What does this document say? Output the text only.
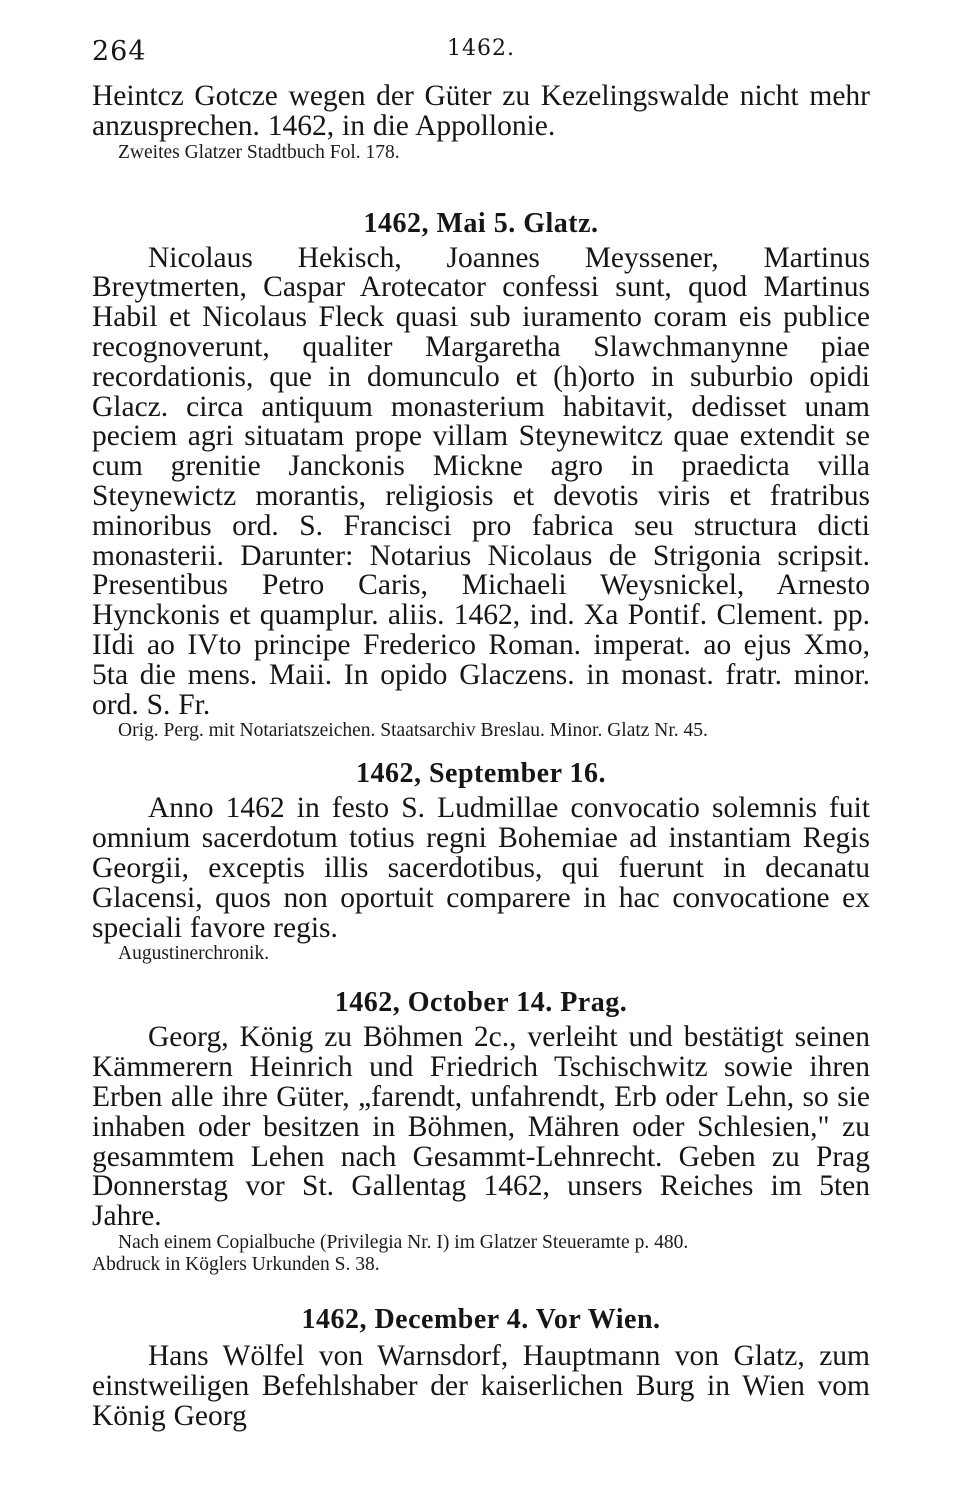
264	1462.

Heintcz Gotcze wegen der Güter zu Kezelingswalde nicht mehr anzusprechen. 1462, in die Appollonie.

Zweites Glatzer Stadtbuch Fol. 178.

1462, Mai 5. Glatz.

Nicolaus Hekisch, Joannes Meyssener, Martinus Breytmerten, Caspar Arotecator confessi sunt, quod Martinus Habil et Nicolaus Fleck quasi sub iuramento coram eis publice recognoverunt, qualiter Margaretha Slawchmanynne piae recordationis, que in domunculo et (h)orto in suburbio opidi Glacz. circa antiquum monasterium habitavit, dedisset unam peciem agri situatam prope villam Steynewitcz quae extendit se cum grenitie Janckonis Mickne agro in praedicta villa Steynewictz morantis, religiosis et devotis viris et fratribus minoribus ord. S. Francisci pro fabrica seu structura dicti monasterii. Darunter: Notarius Nicolaus de Strigonia scripsit. Presentibus Petro Caris, Michaeli Weysnickel, Arnesto Hynckonis et quamplur. aliis. 1462, ind. Xa Pontif. Clement. pp. IIdi ao IVto principe Frederico Roman. imperat. ao ejus Xmo, 5ta die mens. Maii. In opido Glaczens. in monast. fratr. minor. ord. S. Fr.

Orig. Perg. mit Notariatszeichen. Staatsarchiv Breslau. Minor. Glatz Nr. 45.

1462, September 16.

Anno 1462 in festo S. Ludmillae convocatio solemnis fuit omnium sacerdotum totius regni Bohemiae ad instantiam Regis Georgii, exceptis illis sacerdotibus, qui fuerunt in decanatu Glacensi, quos non oportuit comparere in hac convocatione ex speciali favore regis.

Augustinerchronik.

1462, October 14. Prag.

Georg, König zu Böhmen 2c., verleiht und bestätigt seinen Kämmerern Heinrich und Friedrich Tschischwitz sowie ihren Erben alle ihre Güter, „farendt, unfahrendt, Erb oder Lehn, so sie inhaben oder besitzen in Böhmen, Mähren oder Schlesien," zu gesammtem Lehen nach Gesammt-Lehnrecht. Geben zu Prag Donnerstag vor St. Gallentag 1462, unsers Reiches im 5ten Jahre.

Nach einem Copialbuche (Privilegia Nr. I) im Glatzer Steueramte p. 480.

Abdruck in Köglers Urkunden S. 38.

1462, December 4. Vor Wien.

Hans Wölfel von Warnsdorf, Hauptmann von Glatz, zum einstweiligen Befehlshaber der kaiserlichen Burg in Wien vom König Georg
